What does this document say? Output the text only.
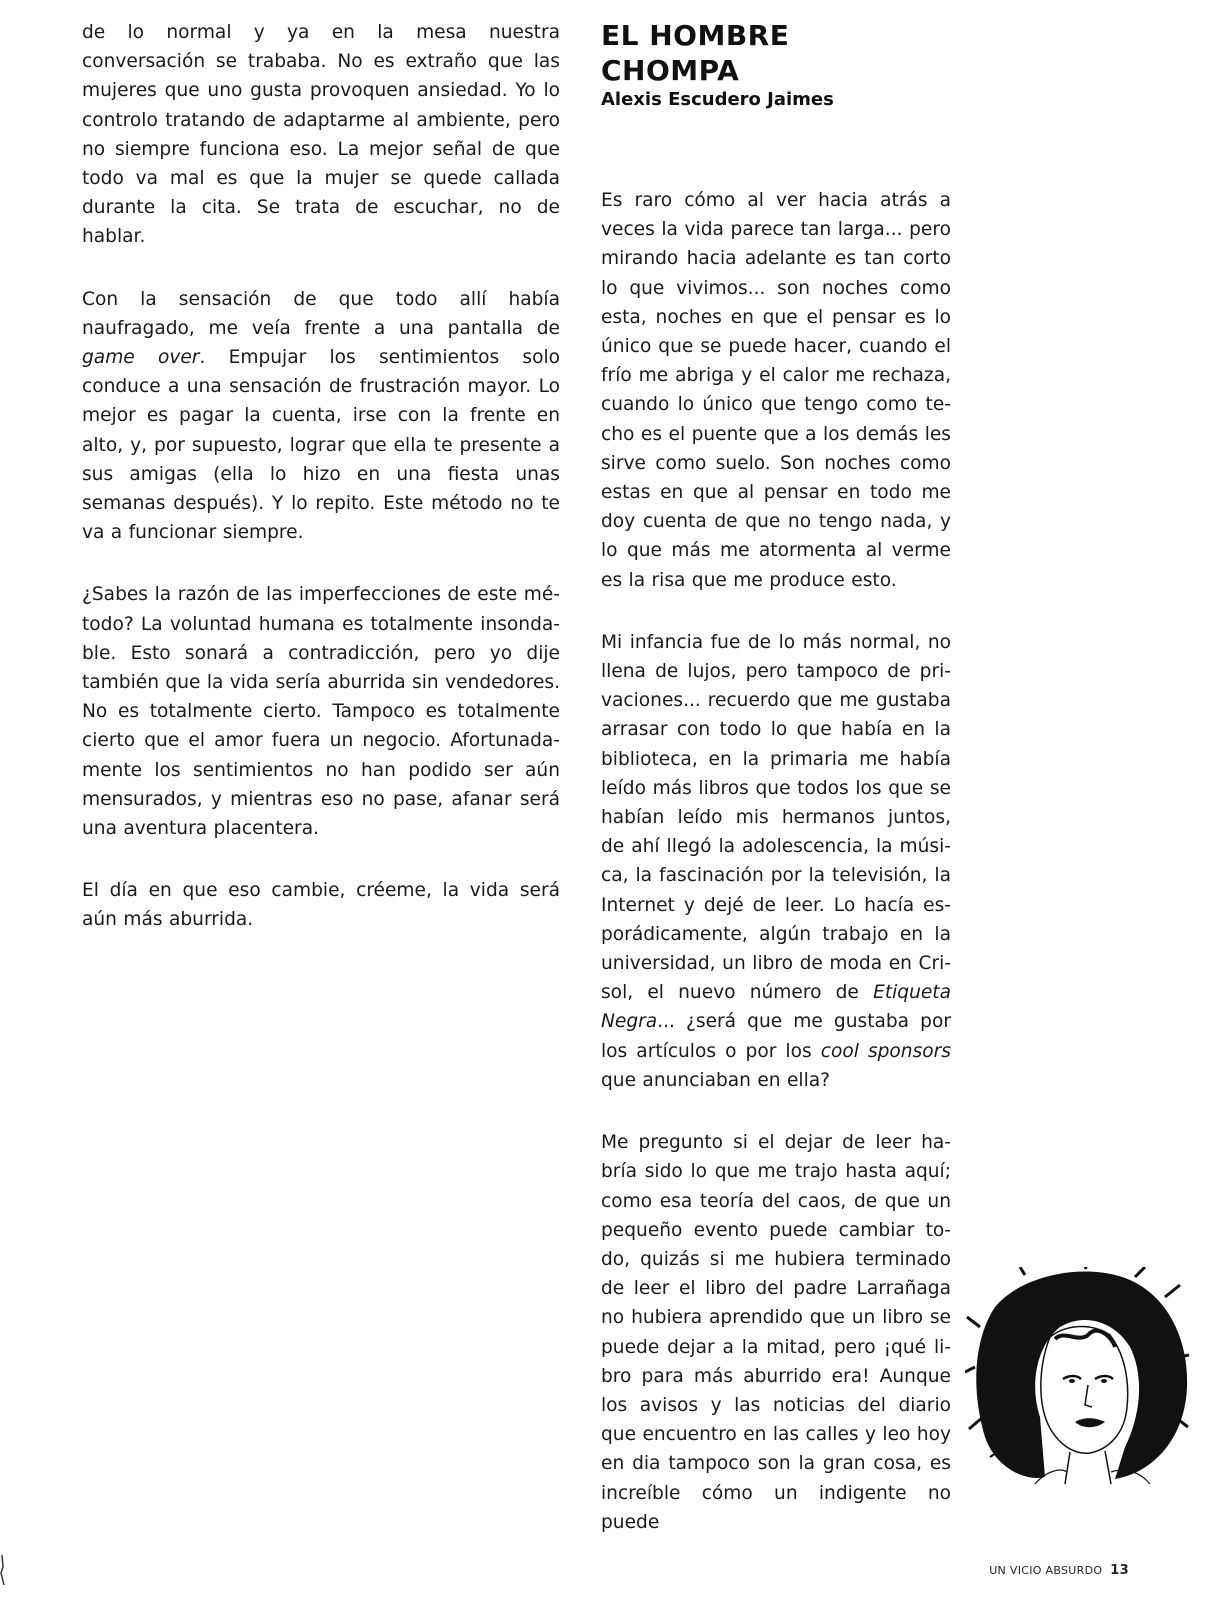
de lo normal y ya en la mesa nuestra conversación se trababa. No es extraño que las mujeres que uno gusta provoquen ansiedad. Yo lo controlo tratando de adaptarme al ambiente, pero no siempre funciona eso. La mejor señal de que todo va mal es que la mujer se quede callada durante la cita. Se trata de escuchar, no de hablar.

Con la sensación de que todo allí había naufragado, me veía frente a una pantalla de game over. Empujar los sentimientos solo conduce a una sensación de frustración mayor. Lo mejor es pagar la cuenta, irse con la frente en alto, y, por supuesto, lograr que ella te presente a sus amigas (ella lo hizo en una fiesta unas semanas después). Y lo repito. Este método no te va a funcionar siempre.

¿Sabes la razón de las imperfecciones de este método? La voluntad humana es totalmente insondable. Esto sonará a contradicción, pero yo dije también que la vida sería aburrida sin vendedores. No es totalmente cierto. Tampoco es totalmente cierto que el amor fuera un negocio. Afortunadamente los sentimientos no han podido ser aún mensurados, y mientras eso no pase, afanar será una aventura placentera.

El día en que eso cambie, créeme, la vida será aún más aburrida.

EL HOMBRE CHOMPA
Alexis Escudero Jaimes

Es raro cómo al ver hacia atrás a veces la vida parece tan larga... pero mirando hacia adelante es tan corto lo que vivimos... son noches como esta, noches en que el pensar es lo único que se puede hacer, cuando el frío me abriga y el calor me rechaza, cuando lo único que tengo como techo es el puente que a los demás les sirve como suelo. Son noches como estas en que al pensar en todo me doy cuenta de que no tengo nada, y lo que más me atormenta al verme es la risa que me produce esto.

Mi infancia fue de lo más normal, no llena de lujos, pero tampoco de privaciones... recuerdo que me gustaba arrasar con todo lo que había en la biblioteca, en la primaria me había leído más libros que todos los que se habían leído mis hermanos juntos, de ahí llegó la adolescencia, la música, la fascinación por la televisión, la Internet y dejé de leer. Lo hacía esporádicamente, algún trabajo en la universidad, un libro de moda en Crisol, el nuevo número de Etiqueta Negra... ¿será que me gustaba por los artículos o por los cool sponsors que anunciaban en ella?

Me pregunto si el dejar de leer habría sido lo que me trajo hasta aquí; como esa teoría del caos, de que un pequeño evento puede cambiar todo, quizás si me hubiera terminado de leer el libro del padre Larrañaga no hubiera aprendido que un libro se puede dejar a la mitad, pero ¡qué libro para más aburrido era! Aunque los avisos y las noticias del diario que encuentro en las calles y leo hoy en dia tampoco son la gran cosa, es increíble cómo un indigente no puede

UN VICIO ABSURDO 13
